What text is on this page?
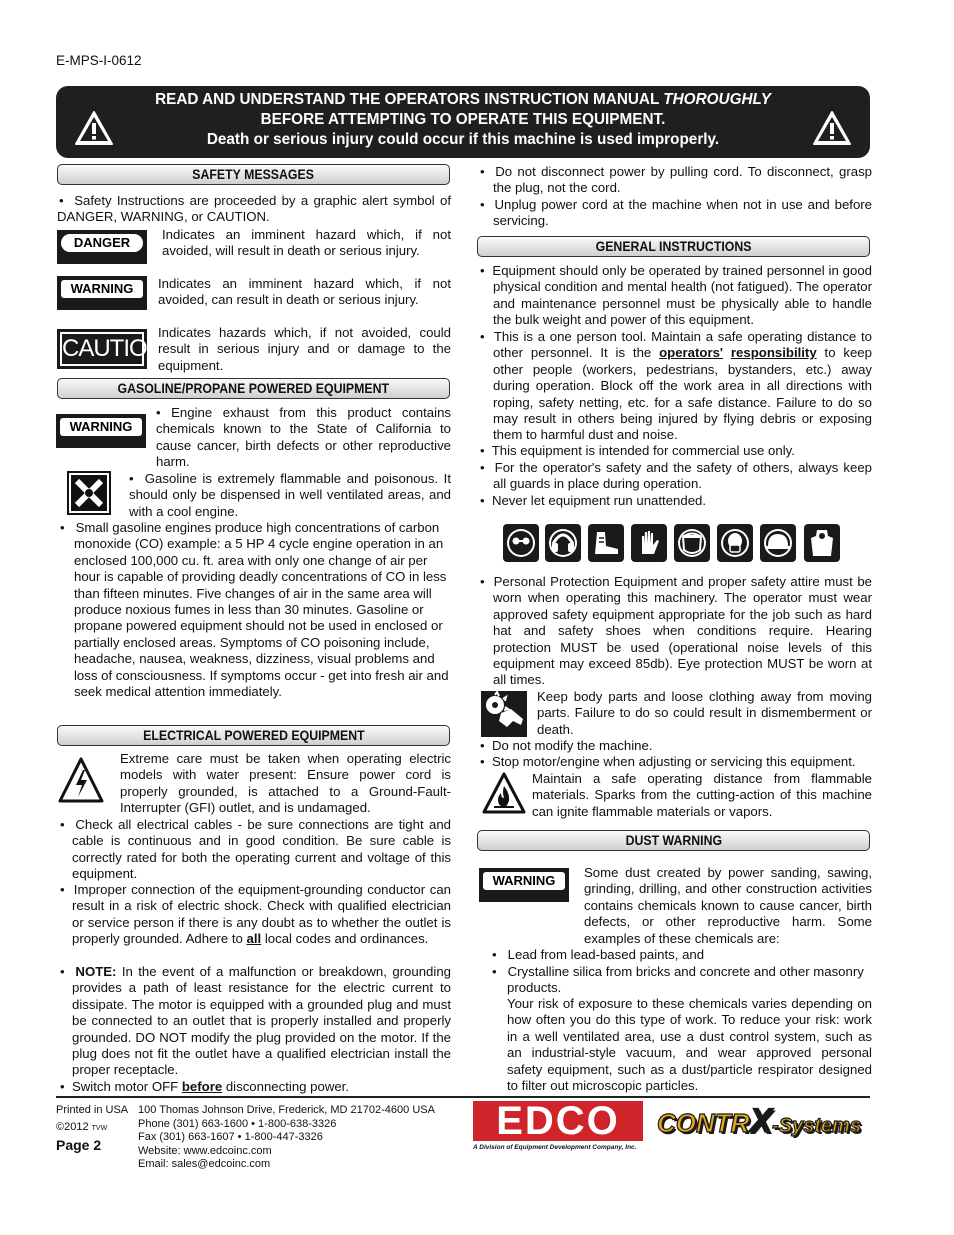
E-MPS-I-0612
READ AND UNDERSTAND THE OPERATORS INSTRUCTION MANUAL THOROUGHLY
BEFORE ATTEMPTING TO OPERATE THIS EQUIPMENT.
Death or serious injury could occur if this machine is used improperly.
SAFETY MESSAGES
•  Safety Instructions are proceeded by a graphic alert symbol of DANGER, WARNING, or CAUTION.
DANGER
Indicates an imminent hazard which, if not avoided, will result in death or serious injury.
WARNING	Indicates an imminent hazard which, if not avoided, can result in death or serious injury.
CAUTION
Indicates hazards which, if not avoided, could result in serious injury and or damage to the equipment.
GASOLINE/PROPANE POWERED EQUIPMENT
WARNING
• Engine exhaust from this product contains chemicals known to the State of California to cause cancer, birth defects or other reproductive harm.
•  Gasoline is extremely flammable and poisonous. It should only be dispensed in well ventilated areas, and with a cool engine.
•   Small gasoline engines produce high concentrations of carbon monoxide (CO) example: a 5 HP 4 cycle engine operation in an enclosed 100,000 cu. ft. area with only one change of air per hour is capable of providing deadly concentrations of CO in less than fifteen minutes. Five changes of air in the same area will produce noxious fumes in less than 30 minutes. Gasoline or propane powered equipment should not be used in enclosed or partially enclosed areas. Symptoms of CO poisoning include, headache, nausea, weakness, dizziness, visual problems and loss of consciousness. If symptoms occur - get into fresh air and seek medical attention immediately.
ELECTRICAL POWERED EQUIPMENT
Extreme care must be taken when operating electric models with water present: Ensure power cord is properly grounded, is attached to a Ground-Fault-Interrupter (GFI) outlet, and is undamaged.
•  Check all electrical cables - be sure connections are tight and cable is continuous and in good condition. Be sure cable is correctly rated for both the operating current and voltage of this equipment.
•  Improper connection of the equipment-grounding conductor can result in a risk of electric shock. Check with qualified electrician or service person if there is any doubt as to whether the outlet is properly grounded. Adhere to all local codes and ordinances.
•  NOTE: In the event of a malfunction or breakdown, grounding provides a path of least resistance for the electric current to dissipate. The motor is equipped with a grounded plug and must be connected to an outlet that is properly installed and properly grounded. DO NOT modify the plug provided on the motor. If the plug does not fit the outlet have a qualified electrician install the proper receptacle.
•  Switch motor OFF before disconnecting power.
•  Do not disconnect power by pulling cord. To disconnect, grasp the plug, not the cord.
•  Unplug power cord at the machine when not in use and before servicing.
GENERAL INSTRUCTIONS
•  Equipment should only be operated by trained personnel in good physical condition and mental health (not fatigued). The operator and maintenance personnel must be physically able to handle the bulk weight and power of this equipment.
•  This is a one person tool. Maintain a safe operating distance to other personnel. It is the operators' responsibility to keep other people (workers, pedestrians, bystanders, etc.) away during operation. Block off the work area in all directions with roping, safety netting, etc. for a safe distance. Failure to do so may result in others being injured by flying debris or exposing them to harmful dust and noise.
•  This equipment is intended for commercial use only.
•  For the operator's safety and the safety of others, always keep all guards in place during operation.
•  Never let equipment run unattended.
•  Personal Protection Equipment and proper safety attire must be worn when operating this machinery. The operator must wear approved safety equipment appropriate for the job such as hard hat and safety shoes when conditions require. Hearing protection MUST be used (operational noise levels of this equipment may exceed 85db). Eye protection MUST be worn at all times.
Keep body parts and loose clothing away from moving parts. Failure to do so could result in dismemberment or death.
•  Do not modify the machine.
•  Stop motor/engine when adjusting or servicing this equipment.
Maintain a safe operating distance from flammable materials. Sparks from the cutting-action of this machine can ignite flammable materials or vapors.
DUST WARNING
WARNING
Some dust created by power sanding, sawing, grinding, drilling, and other construction activities contains chemicals known to cause cancer, birth defects, or other reproductive harm. Some examples of these chemicals are:
•   Lead from lead-based paints, and
•   Crystalline silica from bricks and concrete and other masonry products.
Your risk of exposure to these chemicals varies depending on how often you do this type of work. To reduce your risk: work in a well ventilated area, use a dust control system, such as an industrial-style vacuum, and wear approved personal safety equipment, such as a dust/particle respirator designed to filter out microscopic particles.
Printed in USA
©2012 TVW
Page 2
100 Thomas Johnson Drive, Frederick, MD 21702-4600 USA
Phone (301) 663-1600 • 1-800-638-3326
Fax (301) 663-1607 • 1-800-447-3326
Website: www.edcoinc.com
Email: sales@edcoinc.com
EDCO
A Division of Equipment Development Company, Inc.
CONTRX-Systems
